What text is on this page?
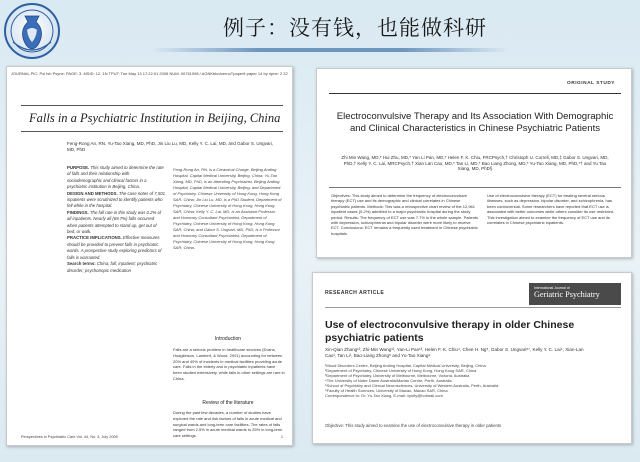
例子：没有钱，也能做科研
JOURNAL PIC: Psi Ish Psyne: PAGE: 3. MSID: 12. 1N TPUT: Tue May 13 17:22:01 2008 NUM: 00761098 / AGNKbboIvernoTpaperlt paper 14 by ripne: 2 22
Falls in a Psychiatric Institution in Beijing, China
Feng-Rong An, RN, Yu-Tao Xiang, MD, PhD, Jin Liu Lu, MD, Kelly Y. C. Lai, MD, and Gabor S. Ungvari, MD, PhD

PURPOSE. This study aimed to determine the rate of falls and their relationship with sociodemographic and clinical factors in a psychiatric institution in Beijing, China.

DESIGN AND METHODS. The case notes of 7,501 inpatients were scrutinized to identify patients who fell while in the hospital.

FINDINGS. The fall rate in this study was 0.2% of all inpatients. Nearly all (69.7%) falls occurred when patients attempted to stand up, get out of bed, or walk.

PRACTICE IMPLICATIONS. Effective measures should be provided to prevent falls in psychiatric wards. A prospective study exploring predictors of falls is warranted.

Search terms: China; fall; inpatient; psychiatric disorder; psychotropic medication

Feng-Rong An, RN, is a Ceramical Charge, Beijing Anding Hospital, Capital Medical University, Beijing, China; Yu-Tao Xiang, MD, PhD, is an Attending Psychiatrist, Beijing Anding Hospital, Capital Medical University, Beijing, and Department of Psychiatry, Chinese University of Hong Kong, Hong Kong SAR, China; Jin Liu Lu, MD, is a PhD Student, Department of Psychiatry, Chinese University of Hong Kong, Hong Kong SAR, China; Kelly Y. C. Lai, MD, is an Assistant Professor and Honorary Consultant Psychiatrist, Department of Psychiatry, Chinese University of Hong Kong, Hong Kong SAR, China; and Gabor S. Ungvari, MD, PhD, is a Professor and Honorary Consultant Psychiatrist, Department of Psychiatry, Chinese University of Hong Kong, Hong Kong SAR, China.
Introduction
Falls are a serious problem in healthcare services (Evans, Hodgkinson, Lambert, & Wood, 2001) accounting for between 20% and 40% of incidents in medical facilities providing acute care. Falls in the elderly and in psychiatric inpatients have been studied extensively, while falls in other settings are rare in China.
Review of the literature
During the past few decades, a number of studies have explored the rate and risk factors of falls in acute medical and surgical wards and long-term care facilities. The rates of falls ranged from 2.5% in acute medical wards to 25% in long-term care settings.
Perspectives in Psychiatric Care Vol. 44, No. 3, July 2008	1
ORIGINAL STUDY
Electroconvulsive Therapy and Its Association With Demographic and Clinical Characteristics in Chinese Psychiatric Patients
Zhi Min Wang, MD,* Hui Zhu, MD,* Yan Li Pan, MD,* Helen F. K. Chiu, FRCPsych,† Christoph U. Correll, MD,‡ Gabor S. Ungvari, MD, PhD,† Kelly Y. C. Lai, MRCPsych,† Xian Lan Cao, MD,* Tan Li, MD,* Bao Liang Zhong, MD,* Yu-Tao Xiang, MD, PhD,*† and Yu Tao Xiang, MD, PhD§
Objectives: This study aimed to determine the frequency of electroconvulsive therapy (ECT) use and its demographic and clinical correlates in Chinese psychiatric patients. Methods: This was a retrospective chart review of the 12,961 inpatient cases (5.2%) admitted to a major psychiatric hospital during the study period. Results: The frequency of ECT use was 7.7% in the whole sample. Patients with depression, schizophrenia and bipolar disorder were more likely to receive ECT. Conclusions: ECT remains a frequently used treatment in Chinese psychiatric hospitals.
Use of electroconvulsive therapy (ECT) for treating several serious illnesses, such as depression, bipolar disorder, and schizophrenia, has been controversial. Some researchers have reported that ECT use is associated with better outcomes while others consider its use restricted. This investigation aimed to examine the frequency of ECT use and its correlates in Chinese psychiatric inpatients.
RESEARCH ARTICLE
International Journal of
Geriatric Psychiatry
Use of electroconvulsive therapy in older Chinese psychiatric patients
Xin-Qian Zhang¹², Zhi-Min Wang¹², Yan-Li Pan¹³, Helen F. K. Chiu⁴, Chee H. Ng⁵, Gabor S. Ungvari⁶⁷, Kelly Y. C. Lai⁴, Xian-Lan Cao¹, Tan Li¹, Bao-Liang Zhong⁸ and Yu-Tao Xiang⁹
¹Mood Disorders Centre, Beijing Anding Hospital, Capital Medical University, Beijing, China
²Department of Psychiatry, Chinese University of Hong Kong, Hong Kong SAR, China
³Department of Psychiatry, University of Melbourne, Melbourne, Victoria, Australia
⁴The University of Notre Dame Australia/Marian Centre, Perth, Australia
⁵School of Psychiatry and Clinical Neurosciences, University of Western Australia, Perth, Australia
⁶Faculty of Health Sciences, University of Macau, Macao SAR, China
Correspondence to: Dr. Yu-Tao Xiang, E-mail: xyutly@hotmail.com
Objective: This study aimed to examine the use of electroconvulsive therapy in older patients
